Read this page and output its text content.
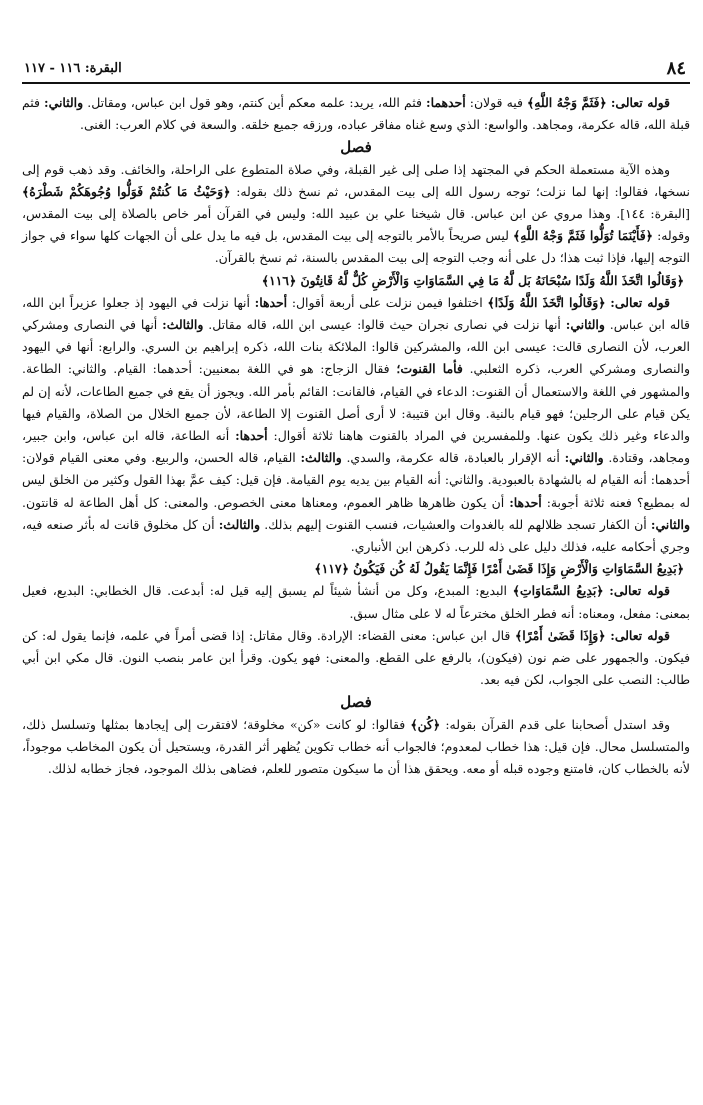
٨٤
البقرة: ١١٦ - ١١٧

قوله تعالى: ﴿فَثَمَّ وَجْهُ اللَّهِ﴾ فيه قولان: أحدهما: فثم الله، يريد: علمه معكم أين كنتم، وهو قول ابن عباس، ومقاتل. والثاني: فثم قبلة الله، قاله عكرمة، ومجاهد. والواسع: الذي وسع غناه مفاقر عباده، ورزقه جميع خلقه. والسعة في كلام العرب: الغنى.

فصل

وهذه الآية مستعملة الحكم في المجتهد إذا صلى إلى غير القبلة، وفي صلاة المتطوع على الراحلة، والخائف. وقد ذهب قوم إلى نسخها، فقالوا: إنها لما نزلت؛ توجه رسول الله إلى بيت المقدس، ثم نسخ ذلك بقوله: ﴿وَحَيْثُ مَا كُنتُمْ فَوَلُّوا وُجُوهَكُمْ شَطْرَهُ﴾ [البقرة: ١٤٤]. وهذا مروي عن ابن عباس. قال شيخنا علي بن عبيد الله: وليس في القرآن أمر خاص بالصلاة إلى بيت المقدس، وقوله: ﴿فَأَيْنَمَا تُوَلُّوا فَثَمَّ وَجْهُ اللَّهِ﴾ ليس صريحاً بالأمر بالتوجه إلى بيت المقدس، بل فيه ما يدل على أن الجهات كلها سواء في جواز التوجه إليها، فإذا ثبت هذا؛ دل على أنه وجب التوجه إلى بيت المقدس بالسنة، ثم نسخ بالقرآن.

﴿وَقَالُوا اتَّخَذَ اللَّهُ وَلَدًا سُبْحَانَهُ بَل لَّهُ مَا فِي السَّمَاوَاتِ وَالْأَرْضِ كُلٌّ لَّهُ قَانِتُونَ ﴿١١٦﴾

قوله تعالى: ﴿وَقَالُوا اتَّخَذَ اللَّهُ وَلَدًا﴾ اختلفوا فيمن نزلت على أربعة أقوال: أحدها: أنها نزلت في اليهود إذ جعلوا عزيراً ابن الله، قاله ابن عباس. والثاني: أنها نزلت في نصارى نجران حيث قالوا: عيسى ابن الله، قاله مقاتل. والثالث: أنها في النصارى ومشركي العرب، لأن النصارى قالت: عيسى ابن الله، والمشركين قالوا: الملائكة بنات الله، ذكره إبراهيم بن السري. والرابع: أنها في اليهود والنصارى ومشركي العرب، ذكره الثعلبي. فأما القنوت؛ فقال الزجاج: هو في اللغة بمعنيين: أحدهما: القيام. والثاني: الطاعة. والمشهور في اللغة والاستعمال أن القنوت: الدعاء في القيام، فالقانت: القائم بأمر الله. ويجوز أن يقع في جميع الطاعات، لأنه إن لم يكن قيام على الرجلين؛ فهو قيام بالنية. وقال ابن قتيبة: لا أرى أصل القنوت إلا الطاعة، لأن جميع الخلال من الصلاة، والقيام فيها والدعاء وغير ذلك يكون عنها. وللمفسرين في المراد بالقنوت هاهنا ثلاثة أقوال: أحدها: أنه الطاعة، قاله ابن عباس، وابن جبير، ومجاهد، وقتادة. والثاني: أنه الإقرار بالعبادة، قاله عكرمة، والسدي. والثالث: القيام، قاله الحسن، والربيع. وفي معنى القيام قولان: أحدهما: أنه القيام له بالشهادة بالعبودية. والثاني: أنه القيام بين يديه يوم القيامة. فإن قيل: كيف عمَّ بهذا القول وكثير من الخلق ليس له بمطيع؟ فعنه ثلاثة أجوبة: أحدها: أن يكون ظاهرها ظاهر العموم، ومعناها معنى الخصوص. والمعنى: كل أهل الطاعة له قانتون. والثاني: أن الكفار تسجد ظلالهم لله بالغدوات والعشيات، فنسب القنوت إليهم بذلك. والثالث: أن كل مخلوق قانت له بأثر صنعه فيه، وجري أحكامه عليه، فذلك دليل على ذله للرب. ذكرهن ابن الأنباري.

﴿بَدِيعُ السَّمَاوَاتِ وَالْأَرْضِ وَإِذَا قَضَىٰ أَمْرًا فَإِنَّمَا يَقُولُ لَهُ كُن فَيَكُونُ ﴿١١٧﴾

قوله تعالى: ﴿بَدِيعُ السَّمَاوَاتِ﴾ البديع: المبدع، وكل من أنشأ شيئاً لم يسبق إليه قيل له: أبدعت. قال الخطابي: البديع، فعيل بمعنى: مفعل، ومعناه: أنه فطر الخلق مخترعاً له لا على مثال سبق.

قوله تعالى: ﴿وَإِذَا قَضَىٰ أَمْرًا﴾ قال ابن عباس: معنى القضاء: الإرادة. وقال مقاتل: إذا قضى أمراً في علمه، فإنما يقول له: كن فيكون. والجمهور على ضم نون (فيكون)، بالرفع على القطع. والمعنى: فهو يكون. وقرأ ابن عامر بنصب النون. قال مكي ابن أبي طالب: النصب على الجواب، لكن فيه بعد.

فصل

وقد استدل أصحابنا على قدم القرآن بقوله: ﴿كُن﴾ فقالوا: لو كانت «كن» مخلوقة؛ لافتقرت إلى إيجادها بمثلها وتسلسل ذلك، والمتسلسل محال. فإن قيل: هذا خطاب لمعدوم؛ فالجواب أنه خطاب تكوين يُظهر أثر القدرة، ويستحيل أن يكون المخاطب موجوداً، لأنه بالخطاب كان، فامتنع وجوده قبله أو معه. ويحقق هذا أن ما سيكون متصور للعلم، فضاهى بذلك الموجود، فجاز خطابه لذلك.
